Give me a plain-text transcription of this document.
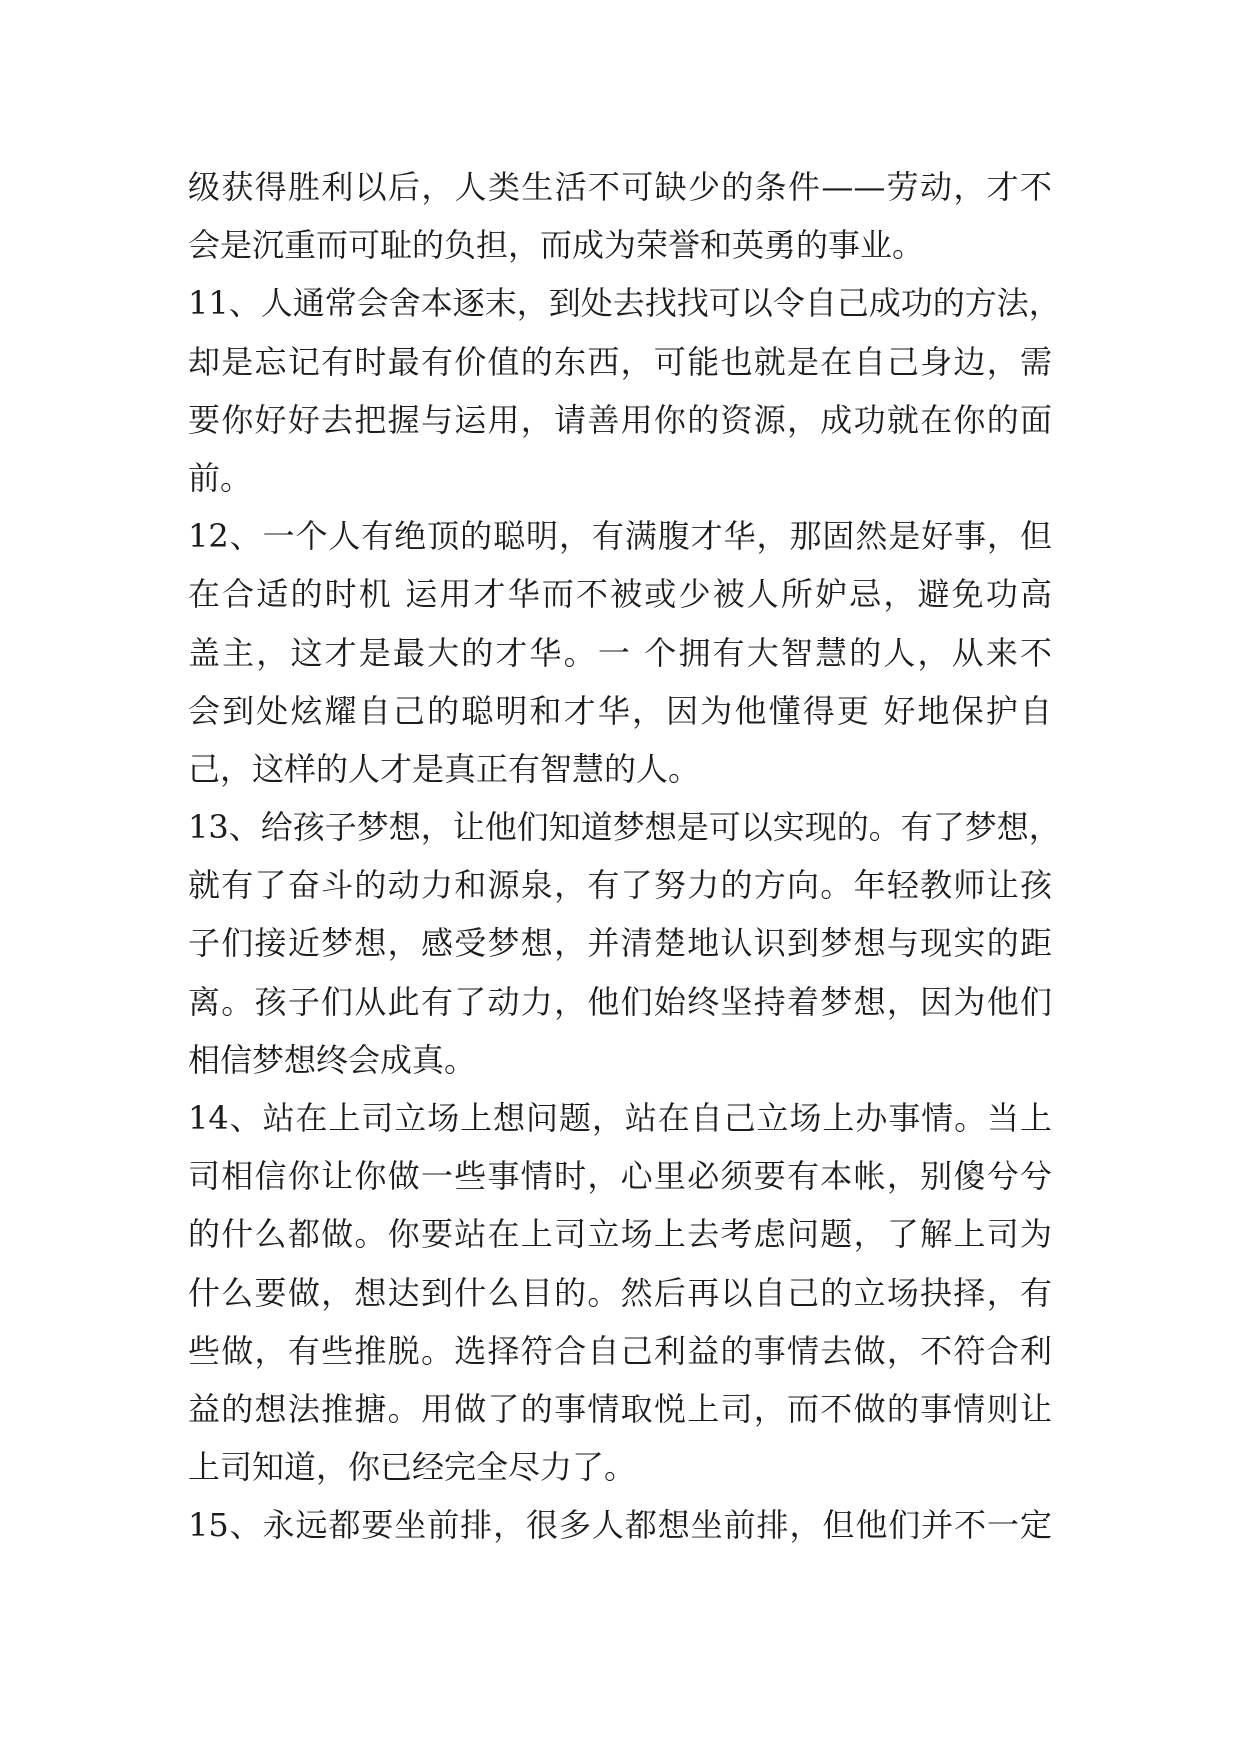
级获得胜利以后，人类生活不可缺少的条件——劳动，才不
会是沉重而可耻的负担，而成为荣誉和英勇的事业。
11、人通常会舍本逐末，到处去找找可以令自己成功的方法，
却是忘记有时最有价值的东西，可能也就是在自己身边，需
要你好好去把握与运用，请善用你的资源，成功就在你的面
前。
12、一个人有绝顶的聪明，有满腹才华，那固然是好事，但
在合适的时机 运用才华而不被或少被人所妒忌，避免功高
盖主，这才是最大的才华。一 个拥有大智慧的人，从来不
会到处炫耀自己的聪明和才华，因为他懂得更 好地保护自
己，这样的人才是真正有智慧的人。
13、给孩子梦想，让他们知道梦想是可以实现的。有了梦想，
就有了奋斗的动力和源泉，有了努力的方向。年轻教师让孩
子们接近梦想，感受梦想，并清楚地认识到梦想与现实的距
离。孩子们从此有了动力，他们始终坚持着梦想，因为他们
相信梦想终会成真。
14、站在上司立场上想问题，站在自己立场上办事情。当上
司相信你让你做一些事情时，心里必须要有本帐，别傻兮兮
的什么都做。你要站在上司立场上去考虑问题，了解上司为
什么要做，想达到什么目的。然后再以自己的立场抉择，有
些做，有些推脱。选择符合自己利益的事情去做，不符合利
益的想法推搪。用做了的事情取悦上司，而不做的事情则让
上司知道，你已经完全尽力了。
15、永远都要坐前排，很多人都想坐前排，但他们并不一定
